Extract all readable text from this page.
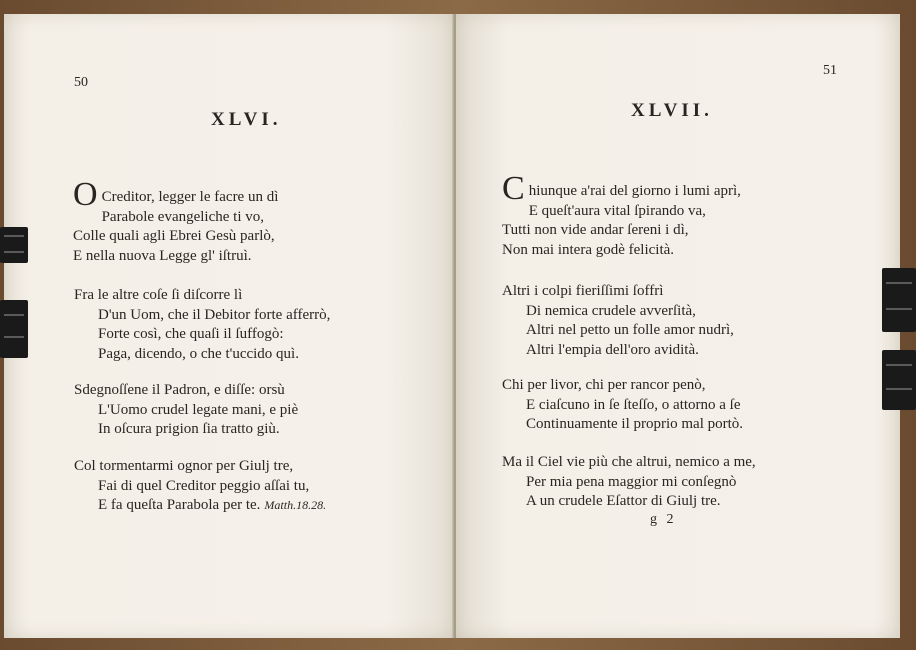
50
XLVI.
O Creditor, legger le facre un dì
Parabole evangeliche ti vo,
Colle quali agli Ebrei Gesù parlò,
E nella nuova Legge gl' iſtruì.
Fra le altre coſe ſi diſcorre lì
D'un Uom, che il Debitor forte afferrò,
Forte così, che quaſi il ſuffogò:
Paga, dicendo, o che t'uccido quì.
Sdegnoſſene il Padron, e diſſe: orsù
L'Uomo crudel legate mani, e piè
In oſcura prigion ſia tratto giù.
Col tormentarmi ognor per Giulj tre,
Fai di quel Creditor peggio aſſai tu,
E fa queſta Parabola per te. Matth.18.28.
51
XLVII.
C hiunque a'rai del giorno i lumi aprì,
E queſt'aura vital ſpirando va,
Tutti non vide andar ſereni i dì,
Non mai intera godè felicità.
Altri i colpi fieriſſimi ſoffrì
Di nemica crudele avverſità,
Altri nel petto un folle amor nudrì,
Altri l'empia dell'oro avidità.
Chi per livor, chi per rancor penò,
E ciaſcuno in ſe ſteſſo, o attorno a ſe
Continuamente il proprio mal portò.
Ma il Ciel vie più che altrui, nemico a me,
Per mia pena maggior mi conſegnò
A un crudele Eſattor di Giulj tre.
g 2
